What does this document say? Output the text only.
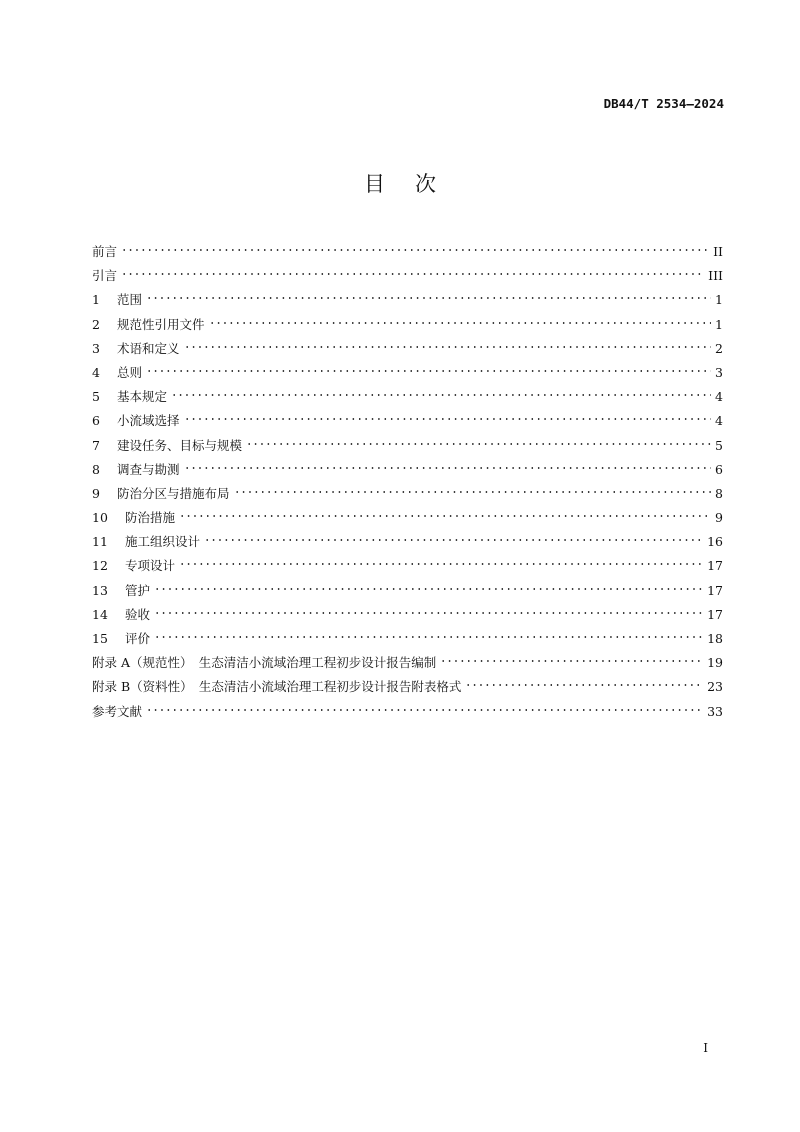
DB44/T 2534—2024
目次
前言	II
引言	III
1	范围	1
2	规范性引用文件	1
3	术语和定义	2
4	总则	3
5	基本规定	4
6	小流域选择	4
7	建设任务、目标与规模	5
8	调查与勘测	6
9	防治分区与措施布局	8
10	防治措施	9
11	施工组织设计	16
12	专项设计	17
13	管护	17
14	验收	17
15	评价	18
附录 A（规范性）　生态清洁小流域治理工程初步设计报告编制	19
附录 B（资料性）　生态清洁小流域治理工程初步设计报告附表格式	23
参考文献	33
I
